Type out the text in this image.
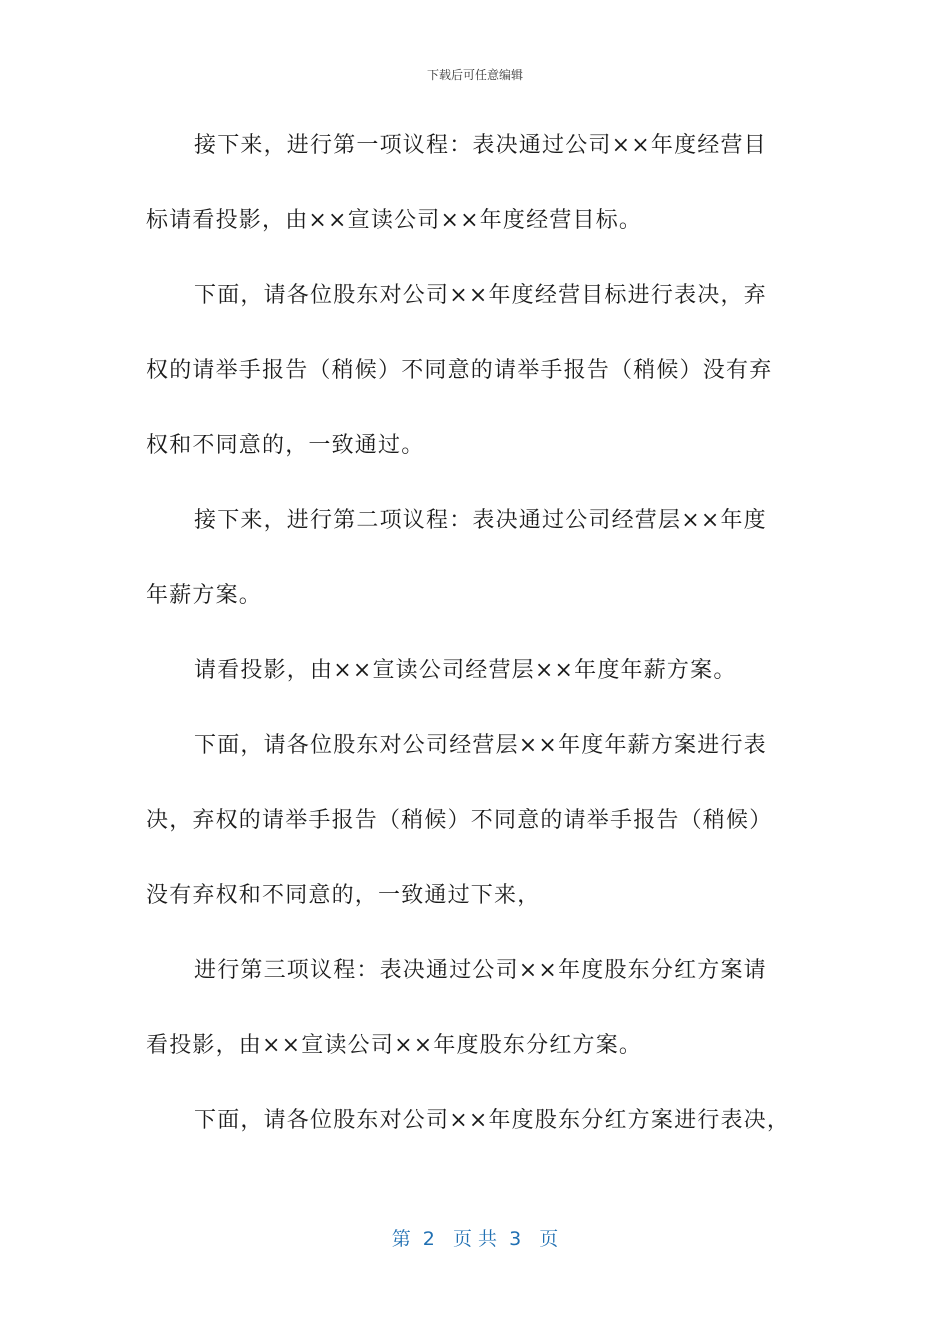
下载后可任意编辑
接下来，进行第一项议程：表决通过公司××年度经营目
标请看投影，由××宣读公司××年度经营目标。
下面，请各位股东对公司××年度经营目标进行表决，弃
权的请举手报告（稍候）不同意的请举手报告（稍候）没有弃
权和不同意的，一致通过。
接下来，进行第二项议程：表决通过公司经营层××年度
年薪方案。
请看投影，由××宣读公司经营层××年度年薪方案。
下面，请各位股东对公司经营层××年度年薪方案进行表
决，弃权的请举手报告（稍候）不同意的请举手报告（稍候）
没有弃权和不同意的，一致通过下来，
进行第三项议程：表决通过公司××年度股东分红方案请
看投影，由××宣读公司××年度股东分红方案。
下面，请各位股东对公司××年度股东分红方案进行表决，
第  2   页 共  3   页
